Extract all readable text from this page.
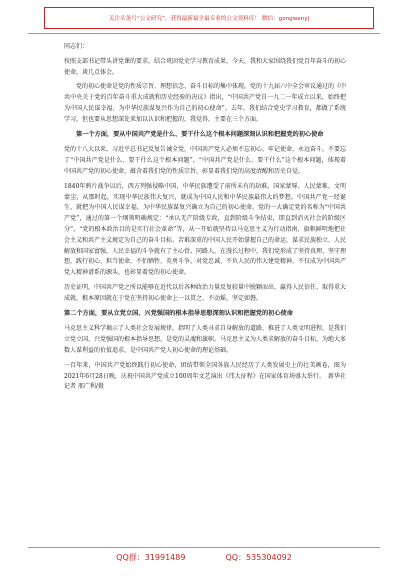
关注头条号“公文研究”，获得最新最全最专业的公文资料库！ 微信：gongwenyj

同志们：

按照支部书记带头讲党课的要求，结合巩固党史学习教育成果，今天，我和大家围绕我们党百年奋斗的初心使命，谈几点体会。

党的初心使命是党的性质宗旨、理想信念、奋斗目标的集中体现。党的十九届六中全会审议通过的《中共中央关于党的百年奋斗重大成就和历史经验的决议》指出，“中国共产党自一九二一年成立以来，始终把为中国人民谋幸福、为中华民族谋复兴作为自己的初心使命”。去年，我们结合党史学习教育，都做了系统学习，但也要从思想深处来加以认识和把握的，我觉得，主要在三个方面。

第一个方面，要从中国共产党是什么、要干什么这个根本问题深刻认识和把握党的初心使命

党的十八大以来，习近平总书记反复告诫全党，中国共产党人必须不忘初心、牢记使命、永远奋斗。不要忘了“中国共产党是什么、要干什么这个根本问题”，“中国共产党是什么、要干什么”这个根本问题，体现着中国共产党的初心使命，蕴含着我们党的性质宗旨，彰显着我们党的高度清醒和历史自觉。

1840年鸦片战争以后，西方列强侵略中国，中华民族遭受了前所未有的劫难，国家蒙辱、人民蒙难、文明蒙尘，从那时起，实现中华民族伟大复兴，就成为中国人民和中华民族最伟大的梦想。中国共产党一经诞生，就把为中国人民谋幸福、为中华民族谋复兴确立为自己的初心使命。党的一大确定党的名称为“中国共产党”，通过的第一个纲领明确规定：“承认无产阶级专政，直到阶级斗争结束，即直到消灭社会的阶级区分”，“党的根本政治目的是实行社会革命”等，从一开始就坚持以马克思主义为行动指南，旗帜鲜明地把社会主义和共产主义规定为自己的奋斗目标。苦难深重的中国人民开始掌握自己的命运，谋求民族独立、人民解放和国家富强，人民幸福的斗争就有了主心骨。同路人，在漫长过程中，我们党形成了坚持真理、坚守理想，践行初心、担当使命，不怕牺牲、英勇斗争，对党忠诚、不负人民的伟大建党精神，不仅成为中国共产党人精神谱系的源头，也彰显着党的初心使命。

历史证明，中国共产党之所以能够在近代以后各种政治力量反复较量中脱颖而出、赢得人民信任、取得重大成就，根本原因就在于党在坚持初心使命上一以贯之、不动摇、坚定如磐。

第二个方面，要从立党立国、兴党强国的根本指导思想深刻认识和把握党的初心使命

马克思主义科学揭示了人类社会发展规律，指明了人类寻求自身解放的道路，推进了人类文明进程，是我们立党立国、兴党强国的根本指导思想，是党的灵魂和旗帜。马克思主义为人类求解放的奋斗目标，为绝大多数人谋利益的价值追求，是中国共产党人初心使命的理论基础。

一百年来，中国共产党始终践行初心使命，团结带领全国各族人民经历了人类发展史上的壮美画卷，图为2021年6月28日晚，庆祝中国共产党成立100周年文艺演出《伟大征程》在国家体育场盛大举行。　新华社记者 邢广利/摄

QQ群：31991489	QQ：535304092
